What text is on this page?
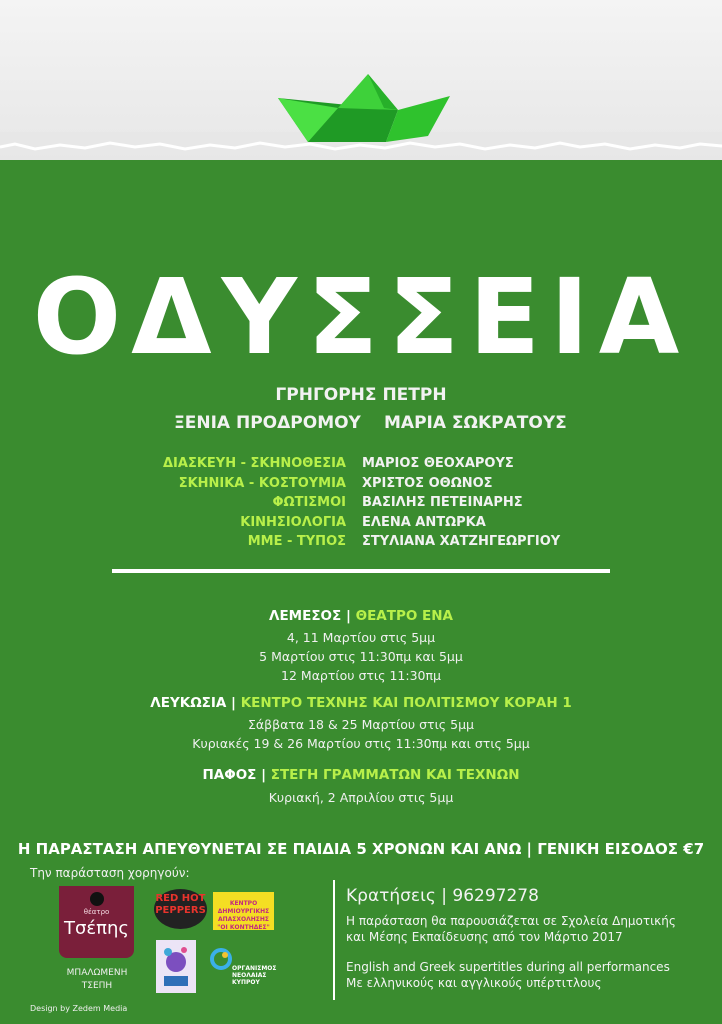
ΟΔΥΣΣΕΙΑ
ΓΡΗΓΟΡΗΣ ΠΕΤΡΗ
ΞΕΝΙΑ ΠΡΟΔΡΟΜΟΥ ΜΑΡΙΑ ΣΩΚΡΑΤΟΥΣ
ΔΙΑΣΚΕΥΗ - ΣΚΗΝΟΘΕΣΙΑ ΜΑΡΙΟΣ ΘΕΟΧΑΡΟΥΣ
ΣΚΗΝΙΚΑ - ΚΟΣΤΟΥΜΙΑ ΧΡΙΣΤΟΣ ΟΘΩΝΟΣ
ΦΩΤΙΣΜΟΙ ΒΑΣΙΛΗΣ ΠΕΤΕΙΝΑΡΗΣ
ΚΙΝΗΣΙΟΛΟΓΙΑ ΕΛΕΝΑ ΑΝΤΩΡΚΑ
ΜΜΕ - ΤΥΠΟΣ ΣΤΥΛΙΑΝΑ ΧΑΤΖΗΓΕΩΡΓΙΟΥ
ΛΕΜΕΣΟΣ | ΘΕΑΤΡΟ ΕΝΑ
4, 11 Μαρτίου στις 5μμ
5 Μαρτίου στις 11:30πμ και 5μμ
12 Μαρτίου στις 11:30πμ
ΛΕΥΚΩΣΙΑ | ΚΕΝΤΡΟ ΤΕΧΝΗΣ ΚΑΙ ΠΟΛΙΤΙΣΜΟΥ ΚΟΡΑΗ 1
Σάββατα 18 & 25 Μαρτίου στις 5μμ
Κυριακές 19 & 26 Μαρτίου στις 11:30πμ και στις 5μμ
ΠΑΦΟΣ | ΣΤΕΓΗ ΓΡΑΜΜΑΤΩΝ ΚΑΙ ΤΕΧΝΩΝ
Κυριακή, 2 Απριλίου στις 5μμ
Η ΠΑΡΑΣΤΑΣΗ ΑΠΕΥΘΥΝΕΤΑΙ ΣΕ ΠΑΙΔΙΑ 5 ΧΡΟΝΩΝ ΚΑΙ ΑΝΩ | ΓΕΝΙΚΗ ΕΙΣΟΔΟΣ €7
Την παράσταση χορηγούν:
θέατρο
Τσέπης
ΜΠΑΛΩΜΕΝΗ
ΤΣΕΠΗ
RED HOT
PEPPERS
ΚΕΝΤΡΟ ΔΗΜΙΟΥΡΓΙΚΗΣ
ΑΠΑΣΧΟΛΗΣΗΣ
"ΟΙ ΚΟΝΤΗΔΕΣ"
ΟΡΓΑΝΙΣΜΟΣ
ΝΕΟΛΑΙΑΣ
ΚΥΠΡΟΥ
Κρατήσεις | 96297278
Η παράσταση θα παρουσιάζεται σε Σχολεία Δημοτικής
και Μέσης Εκπαίδευσης από τον Μάρτιο 2017
English and Greek supertitles during all performances
Με ελληνικούς και αγγλικούς υπέρτιτλους
Design by Zedem Media
